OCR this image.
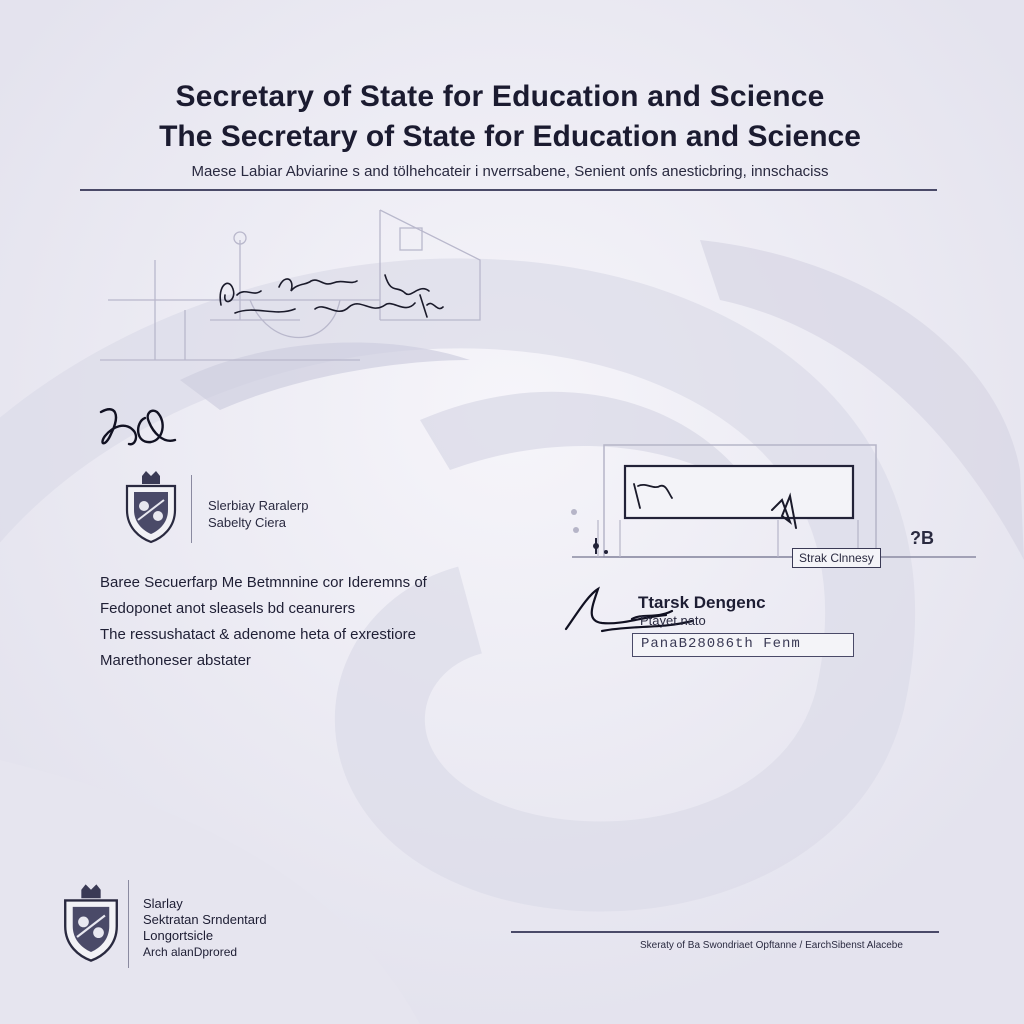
Secretary of State for Education and Science
The Secretary of State for Education and Science
Maese Labiar Abviarine s and tölhehcateir i nverrsabene, Senient onfs anesticbring, innschaciss
Slerbiay Raralerp
Sabelty Ciera
Baree Secuerfarp Me Betmnnine cor Ideremns of
Fedoponet anot sleasels bd ceanurers
The ressushatact & adenome heta of exrestiore
Marethoneser abstater
Strak Clnnesy
?B
Ttarsk Dengenc
Ptayet nato
PanaB28086th Fenm
Slarlay
Sektratan Srndentard
Longortsicle
Arch alanDprored	Skeraty of Ba Swondriaet Opftanne / EarchSibenst Alacebe
